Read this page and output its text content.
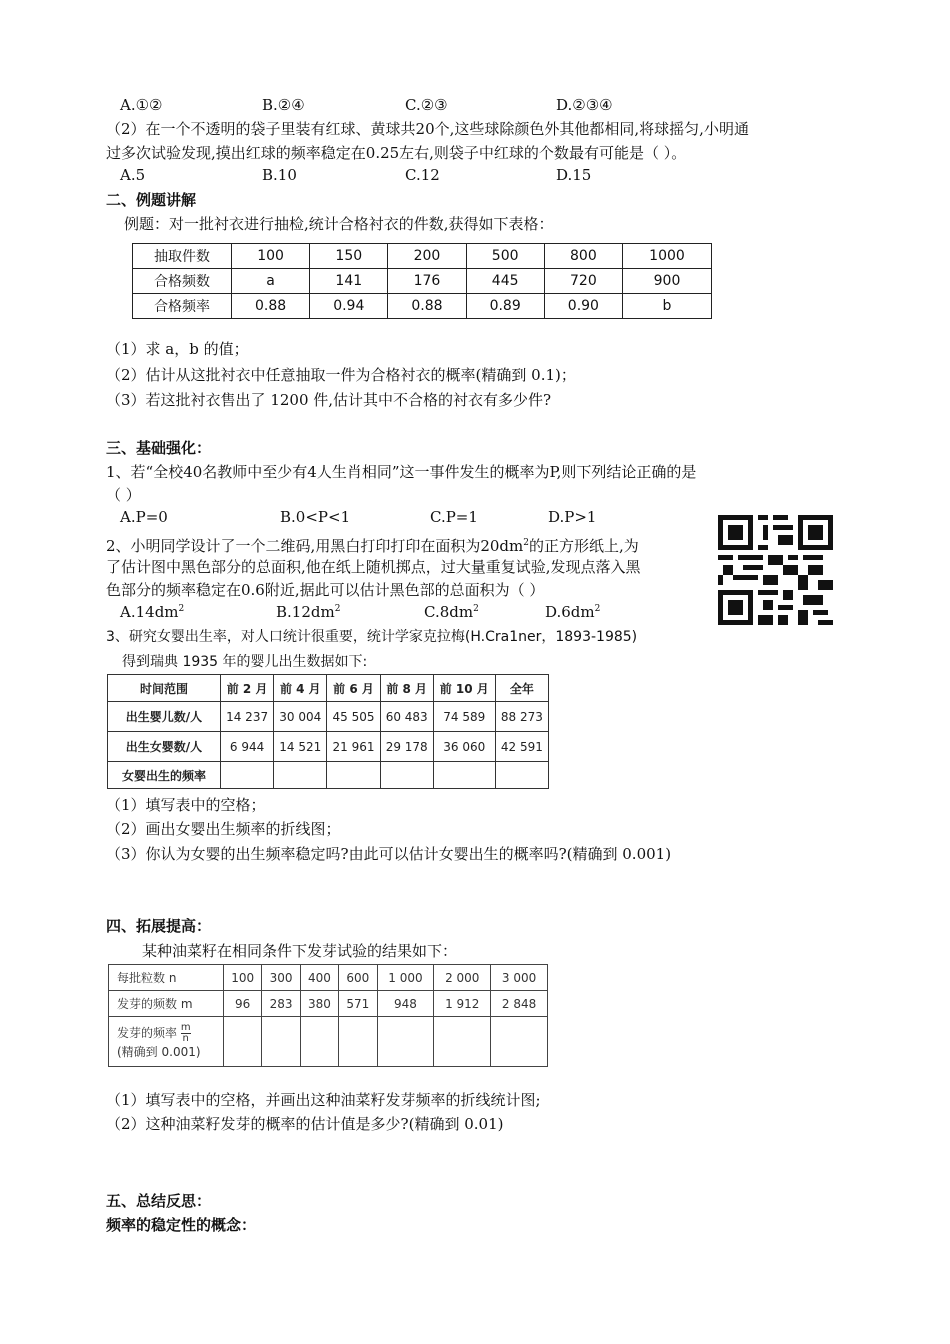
A.①②	B.②④	C.②③	D.②③④
（2）在一个不透明的袋子里装有红球、黄球共20个,这些球除颜色外其他都相同,将球摇匀,小明通
过多次试验发现,摸出红球的频率稳定在0.25左右,则袋子中红球的个数最有可能是（ ）。
A.5	B.10	C.12	D.15
二、例题讲解
例题：对一批衬衣进行抽检,统计合格衬衣的件数,获得如下表格：
抽取件数	100	150	200	500	800	1000
合格频数	a	141	176	445	720	900
合格频率	0.88	0.94	0.88	0.89	0.90	b
（1）求 a，b 的值；
（2）估计从这批衬衣中任意抽取一件为合格衬衣的概率(精确到 0.1)；
（3）若这批衬衣售出了 1200 件,估计其中不合格的衬衣有多少件?
三、基础强化：
1、若“全校40名教师中至少有4人生肖相同”这一事件发生的概率为P,则下列结论正确的是
（ ）
A.P=0	B.0<P<1	C.P=1	D.P>1
2、小明同学设计了一个二维码,用黑白打印打印在面积为$20dm^2$的正方形纸上,为
了估计图中黑色部分的总面积,他在纸上随机掷点，过大量重复试验,发现点落入黑
色部分的频率稳定在0.6附近,据此可以估计黑色部的总面积为（ ）
$A.14dm^2$	$B.12dm^2$	$C.8dm^2$	$D.6dm^2$
3、研究女婴出生率，对人口统计很重要，统计学家克拉梅(H.Cra1ner，1893-1985)
得到瑞典 1935 年的婴儿出生数据如下:
时间范围	前 2 月	前 4 月	前 6 月	前 8 月	前 10 月	全年
出生婴儿数/人	14 237	30 004	45 505	60 483	74 589	88 273
出生女婴数/人	6 944	14 521	21 961	29 178	36 060	42 591
女婴出生的频率						
（1）填写表中的空格；
（2）画出女婴出生频率的折线图；
（3）你认为女婴的出生频率稳定吗?由此可以估计女婴出生的概率吗?(精确到 0.001)
四、拓展提高：
某种油菜籽在相同条件下发芽试验的结果如下：
每批粒数 n	100	300	400	600	1 000	2 000	3 000
发芽的频数 m	96	283	380	571	948	1 912	2 848
发芽的频率 $\frac{m}{n}$

(精确到 0.001)							
（1）填写表中的空格，并画出这种油菜籽发芽频率的折线统计图;
（2）这种油菜籽发芽的概率的估计值是多少?(精确到 0.01)
五、总结反思：
频率的稳定性的概念：
